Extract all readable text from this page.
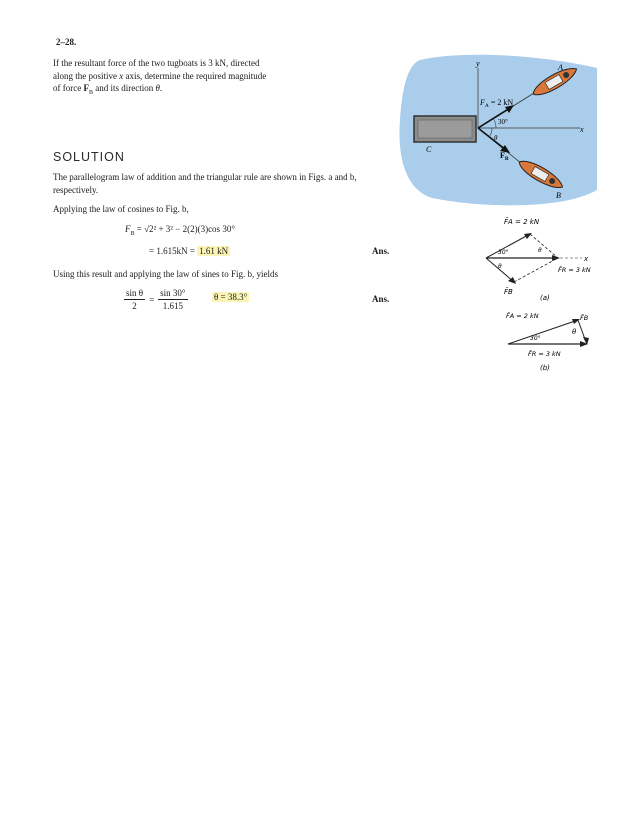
2–28.
If the resultant force of the two tugboats is 3 kN, directed
along the positive x axis, determine the required magnitude
of force $F_B$ and its direction θ.
SOLUTION
The parallelogram law of addition and the triangular rule are shown in Figs. a and b, respectively.
Applying the law of cosines to Fig. b,
$F_B = √2^2 + 3^2 - 2(2)(3)\cos$ 30°
= 1.615kN = 1.61 kN	Ans.
Using this result and applying the law of sines to Fig. b, yields
$\frac{\text{sin θ}}{2} = \frac{\sin 30^\circ}{1.615}$	θ = 38.3°	Ans.
y
x
A
B
C
$F_A = 2$ kN
30°
θ
$F_B$
F̄A = 2 kN
x
30°
θ
θ
F̄R = 3 kN
F̄B
(a)
F̄A = 2 kN	F̄B
30°
θ
F̄R = 3 kN
(b)
